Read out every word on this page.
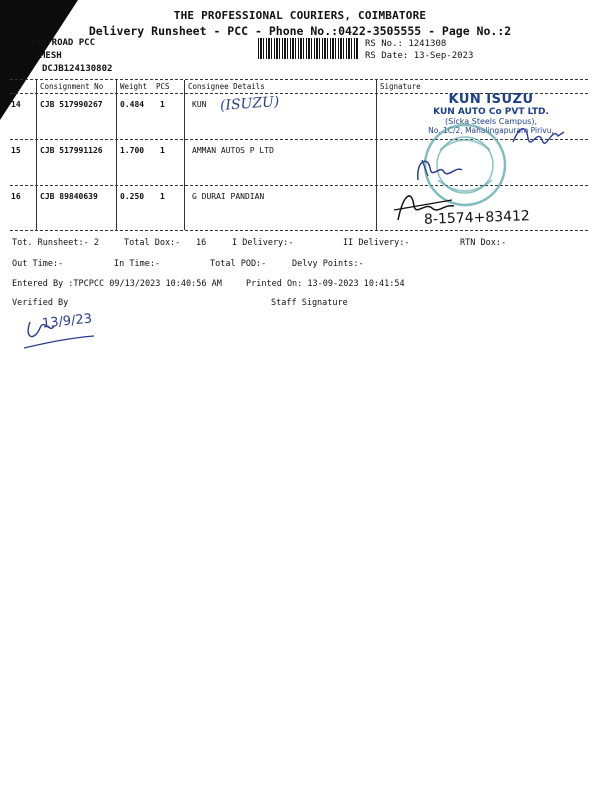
THE PROFESSIONAL COURIERS, COIMBATORE
Delivery Runsheet - PCC - Phone No.:0422-3505555 - Page No.:2
AVN ROAD PCC
MESH
DCJB124130802
RS No.: 1241308
RS Date: 13-Sep-2023
Consignment No Weight PCS Consignee Details	Signature
14 CJB 517990267 0.484 1	KUN
15 CJB 517991126 1.700 1	AMMAN AUTOS P LTD
16 CJB 89840639	0.250 1	G DURAI PANDIAN
(ISUZU)	KUN ISUZU
KUN AUTO Co PVT LTD.
(Sicka Steels Campus),
No. 1C/2, Mahalingapuram Pirivu,
8-1574+83412
Tot. Runsheet:- 2	Total Dox:- 16	I Delivery:-	II Delivery:-	RTN Dox:-
Out Time:-	In Time:-	Total POD:-	Delvy Points:-
Entered By :TPCPCC 09/13/2023 10:40:56 AM	Printed On: 13-09-2023 10:41:54
Verified By	Staff Signature
13/9/23
